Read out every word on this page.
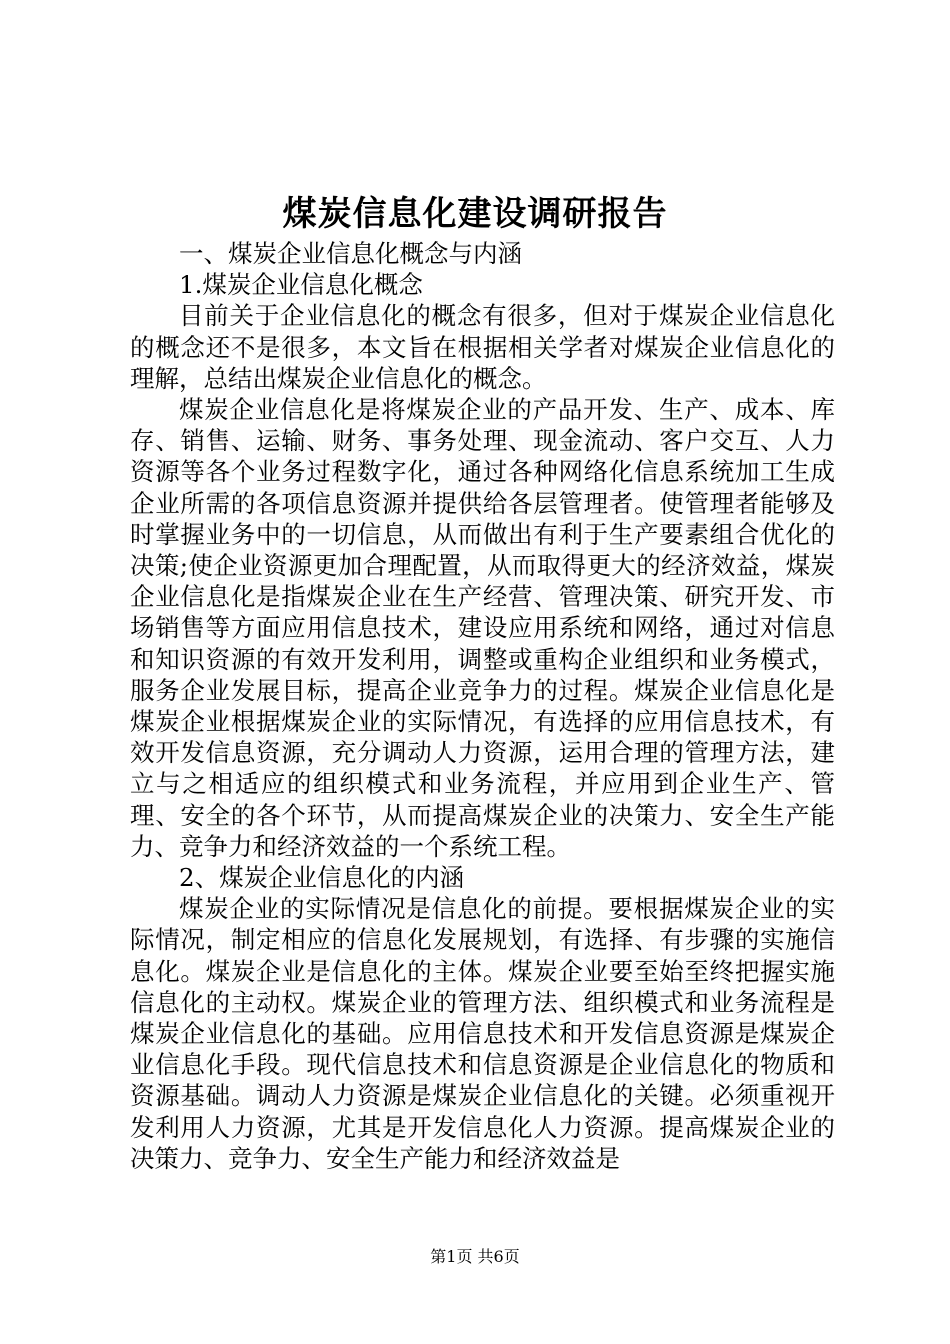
煤炭信息化建设调研报告

一、煤炭企业信息化概念与内涵

1.煤炭企业信息化概念

目前关于企业信息化的概念有很多，但对于煤炭企业信息化的概念还不是很多，本文旨在根据相关学者对煤炭企业信息化的理解，总结出煤炭企业信息化的概念。

煤炭企业信息化是将煤炭企业的产品开发、生产、成本、库存、销售、运输、财务、事务处理、现金流动、客户交互、人力资源等各个业务过程数字化，通过各种网络化信息系统加工生成企业所需的各项信息资源并提供给各层管理者。使管理者能够及时掌握业务中的一切信息，从而做出有利于生产要素组合优化的决策;使企业资源更加合理配置，从而取得更大的经济效益，煤炭企业信息化是指煤炭企业在生产经营、管理决策、研究开发、市场销售等方面应用信息技术，建设应用系统和网络，通过对信息和知识资源的有效开发利用，调整或重构企业组织和业务模式，服务企业发展目标，提高企业竞争力的过程。煤炭企业信息化是煤炭企业根据煤炭企业的实际情况，有选择的应用信息技术，有效开发信息资源，充分调动人力资源，运用合理的管理方法，建立与之相适应的组织模式和业务流程，并应用到企业生产、管理、安全的各个环节，从而提高煤炭企业的决策力、安全生产能力、竞争力和经济效益的一个系统工程。

2、煤炭企业信息化的内涵

煤炭企业的实际情况是信息化的前提。要根据煤炭企业的实际情况，制定相应的信息化发展规划，有选择、有步骤的实施信息化。煤炭企业是信息化的主体。煤炭企业要至始至终把握实施信息化的主动权。煤炭企业的管理方法、组织模式和业务流程是煤炭企业信息化的基础。应用信息技术和开发信息资源是煤炭企业信息化手段。现代信息技术和信息资源是企业信息化的物质和资源基础。调动人力资源是煤炭企业信息化的关键。必须重视开发利用人力资源，尤其是开发信息化人力资源。提高煤炭企业的决策力、竞争力、安全生产能力和经济效益是

第1页 共6页
